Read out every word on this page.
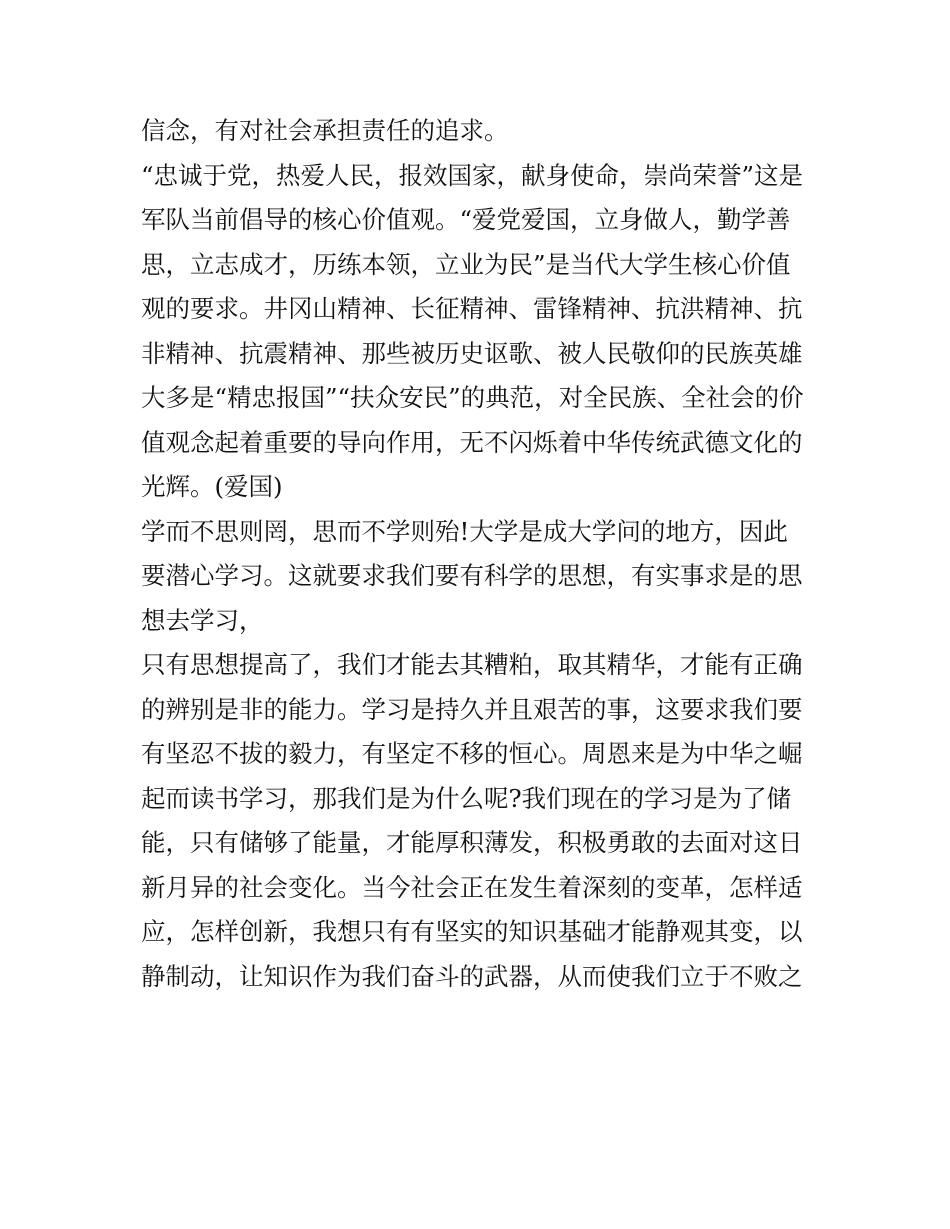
信念，有对社会承担责任的追求。
“忠诚于党，热爱人民，报效国家，献身使命，崇尚荣誉”这是
军队当前倡导的核心价值观。“爱党爱国，立身做人，勤学善
思，立志成才，历练本领，立业为民”是当代大学生核心价值
观的要求。井冈山精神、长征精神、雷锋精神、抗洪精神、抗
非精神、抗震精神、那些被历史讴歌、被人民敬仰的民族英雄
大多是“精忠报国”“扶众安民”的典范，对全民族、全社会的价
值观念起着重要的导向作用，无不闪烁着中华传统武德文化的
光辉。(爱国)
学而不思则罔，思而不学则殆!大学是成大学问的地方，因此
要潜心学习。这就要求我们要有科学的思想，有实事求是的思
想去学习，
只有思想提高了，我们才能去其糟粕，取其精华，才能有正确
的辨别是非的能力。学习是持久并且艰苦的事，这要求我们要
有坚忍不拔的毅力，有坚定不移的恒心。周恩来是为中华之崛
起而读书学习，那我们是为什么呢?我们现在的学习是为了储
能，只有储够了能量，才能厚积薄发，积极勇敢的去面对这日
新月异的社会变化。当今社会正在发生着深刻的变革，怎样适
应，怎样创新，我想只有有坚实的知识基础才能静观其变，以
静制动，让知识作为我们奋斗的武器，从而使我们立于不败之
